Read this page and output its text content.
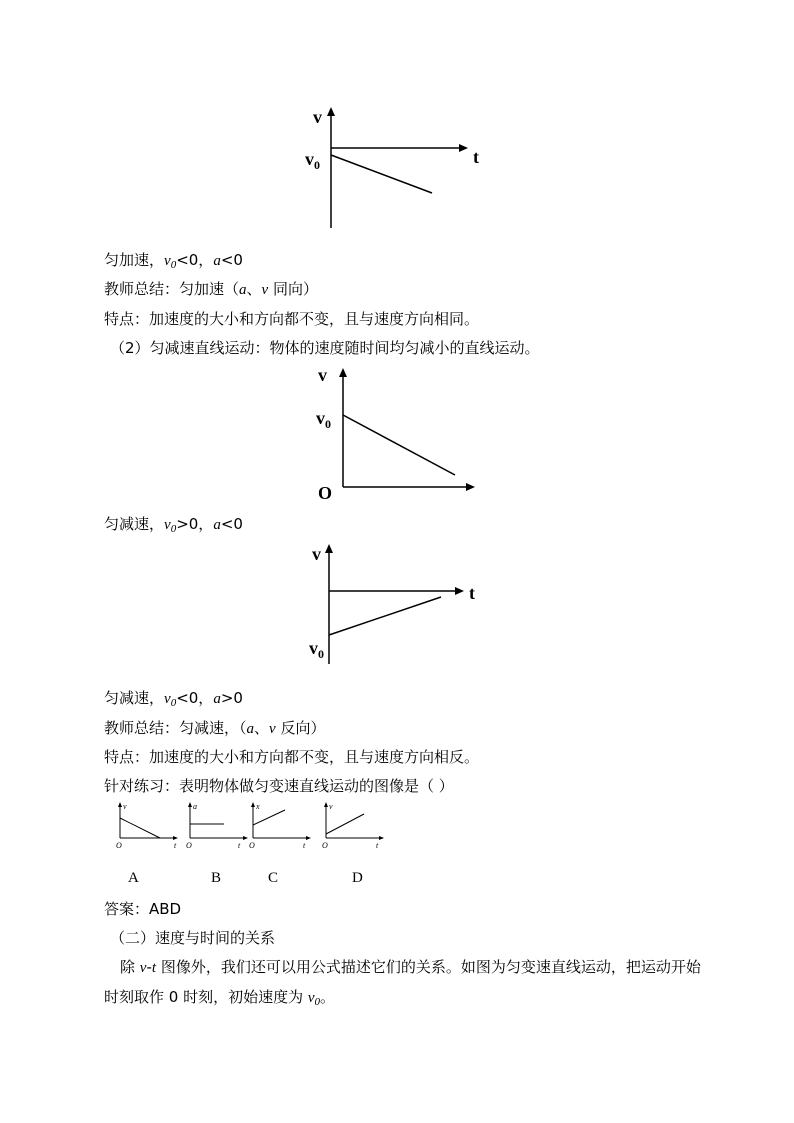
v
t
$v_0$
匀加速，$v_0<0$，a<0
教师总结：匀加速（a、v 同向）
特点：加速度的大小和方向都不变，且与速度方向相同。
（2）匀减速直线运动：物体的速度随时间均匀减小的直线运动。
v
$v_0$
O
匀减速，$v_0>0$，a<0
v
t
$v_0$
匀减速，$v_0<0$，a>0
教师总结：匀减速，（a、v 反向）
特点：加速度的大小和方向都不变，且与速度方向相反。
针对练习：表明物体做匀变速直线运动的图像是（ ）
v
O	t
a
O	t
x
O	t
v
O	t
A	B	C	D
答案：ABD
（二）速度与时间的关系
除 v-t 图像外，我们还可以用公式描述它们的关系。如图为匀变速直线运动，把运动开始
时刻取作 0 时刻，初始速度为 $v_0$。
